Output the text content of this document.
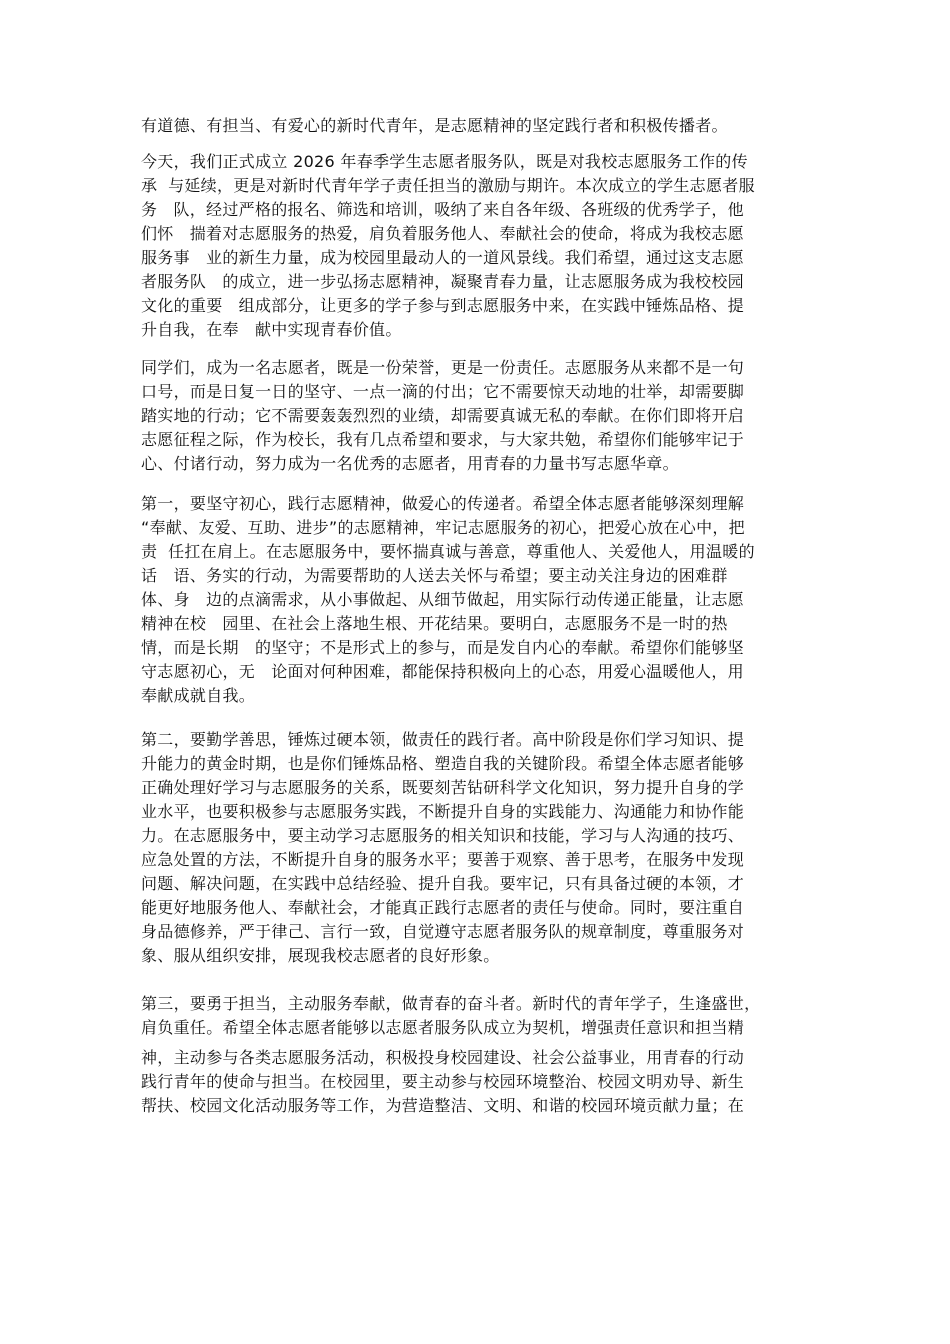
有道德、有担当、有爱心的新时代青年，是志愿精神的坚定践行者和积极传播者。

今天，我们正式成立 2026 年春季学生志愿者服务队，既是对我校志愿服务工作的传
承  与延续，更是对新时代青年学子责任担当的激励与期许。本次成立的学生志愿者服
务   队，经过严格的报名、筛选和培训，吸纳了来自各年级、各班级的优秀学子，他
们怀   揣着对志愿服务的热爱，肩负着服务他人、奉献社会的使命，将成为我校志愿
服务事   业的新生力量，成为校园里最动人的一道风景线。我们希望，通过这支志愿
者服务队   的成立，进一步弘扬志愿精神，凝聚青春力量，让志愿服务成为我校校园
文化的重要   组成部分，让更多的学子参与到志愿服务中来，在实践中锤炼品格、提
升自我，在奉   献中实现青春价值。

同学们，成为一名志愿者，既是一份荣誉，更是一份责任。志愿服务从来都不是一句
口号，而是日复一日的坚守、一点一滴的付出；它不需要惊天动地的壮举，却需要脚
踏实地的行动；它不需要轰轰烈烈的业绩，却需要真诚无私的奉献。在你们即将开启
志愿征程之际，作为校长，我有几点希望和要求，与大家共勉，希望你们能够牢记于
心、付诸行动，努力成为一名优秀的志愿者，用青春的力量书写志愿华章。

第一，要坚守初心，践行志愿精神，做爱心的传递者。希望全体志愿者能够深刻理解
“奉献、友爱、互助、进步”的志愿精神，牢记志愿服务的初心，把爱心放在心中，把
责  任扛在肩上。在志愿服务中，要怀揣真诚与善意，尊重他人、关爱他人，用温暖的
话   语、务实的行动，为需要帮助的人送去关怀与希望；要主动关注身边的困难群
体、身   边的点滴需求，从小事做起、从细节做起，用实际行动传递正能量，让志愿
精神在校   园里、在社会上落地生根、开花结果。要明白，志愿服务不是一时的热
情，而是长期   的坚守；不是形式上的参与，而是发自内心的奉献。希望你们能够坚
守志愿初心，无   论面对何种困难，都能保持积极向上的心态，用爱心温暖他人，用
奉献成就自我。

第二，要勤学善思，锤炼过硬本领，做责任的践行者。高中阶段是你们学习知识、提
升能力的黄金时期，也是你们锤炼品格、塑造自我的关键阶段。希望全体志愿者能够
正确处理好学习与志愿服务的关系，既要刻苦钻研科学文化知识，努力提升自身的学
业水平，也要积极参与志愿服务实践，不断提升自身的实践能力、沟通能力和协作能
力。在志愿服务中，要主动学习志愿服务的相关知识和技能，学习与人沟通的技巧、
应急处置的方法，不断提升自身的服务水平；要善于观察、善于思考，在服务中发现
问题、解决问题，在实践中总结经验、提升自我。要牢记，只有具备过硬的本领，才
能更好地服务他人、奉献社会，才能真正践行志愿者的责任与使命。同时，要注重自
身品德修养，严于律己、言行一致，自觉遵守志愿者服务队的规章制度，尊重服务对
象、服从组织安排，展现我校志愿者的良好形象。

第三，要勇于担当，主动服务奉献，做青春的奋斗者。新时代的青年学子，生逢盛世，
肩负重任。希望全体志愿者能够以志愿者服务队成立为契机，增强责任意识和担当精

神，主动参与各类志愿服务活动，积极投身校园建设、社会公益事业，用青春的行动
践行青年的使命与担当。在校园里，要主动参与校园环境整治、校园文明劝导、新生
帮扶、校园文化活动服务等工作，为营造整洁、文明、和谐的校园环境贡献力量；在
